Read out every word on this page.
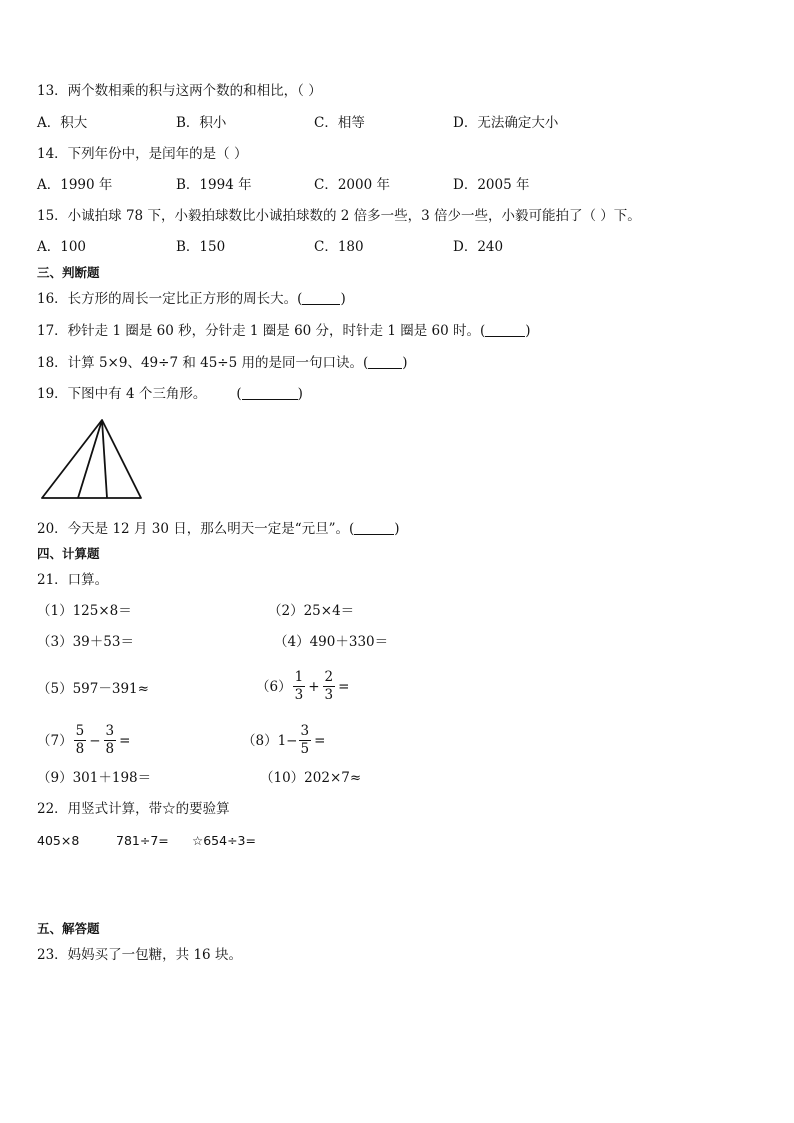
13．两个数相乘的积与这两个数的和相比，（ ）
A．积大	B．积小	C．相等	D．无法确定大小
14．下列年份中，是闰年的是（ ）
A．1990 年	B．1994 年	C．2000 年	D．2005 年
15．小诚拍球 78 下，小毅拍球数比小诚拍球数的 2 倍多一些，3 倍少一些，小毅可能拍了（ ）下。
A．100	B．150	C．180	D．240
三、判断题
16．长方形的周长一定比正方形的周长大。(	)
17．秒针走 1 圈是 60 秒，分针走 1 圈是 60 分，时针走 1 圈是 60 时。(	)
18．计算 5×9、49÷7 和 45÷5 用的是同一句口诀。(	)
19．下图中有 4 个三角形。 (	)
20．今天是 12 月 30 日，那么明天一定是“元旦”。(	)
四、计算题
21．口算。
（1）125×8＝	（2）25×4＝
（3）39＋53＝	（4）490＋330＝
（5）597－391≈	$(6) \frac{1}{3} + \frac{2}{3}$ =
$(7) \frac{5}{8} - \frac{3}{8}$ =	（8） $1- \frac{3}{5}$ =
（9）301＋198＝	（10）202×7≈
22．用竖式计算，带☆的要验算
405×8	781÷7= ☆654÷3=
五、解答题
23．妈妈买了一包糖，共 16 块。
